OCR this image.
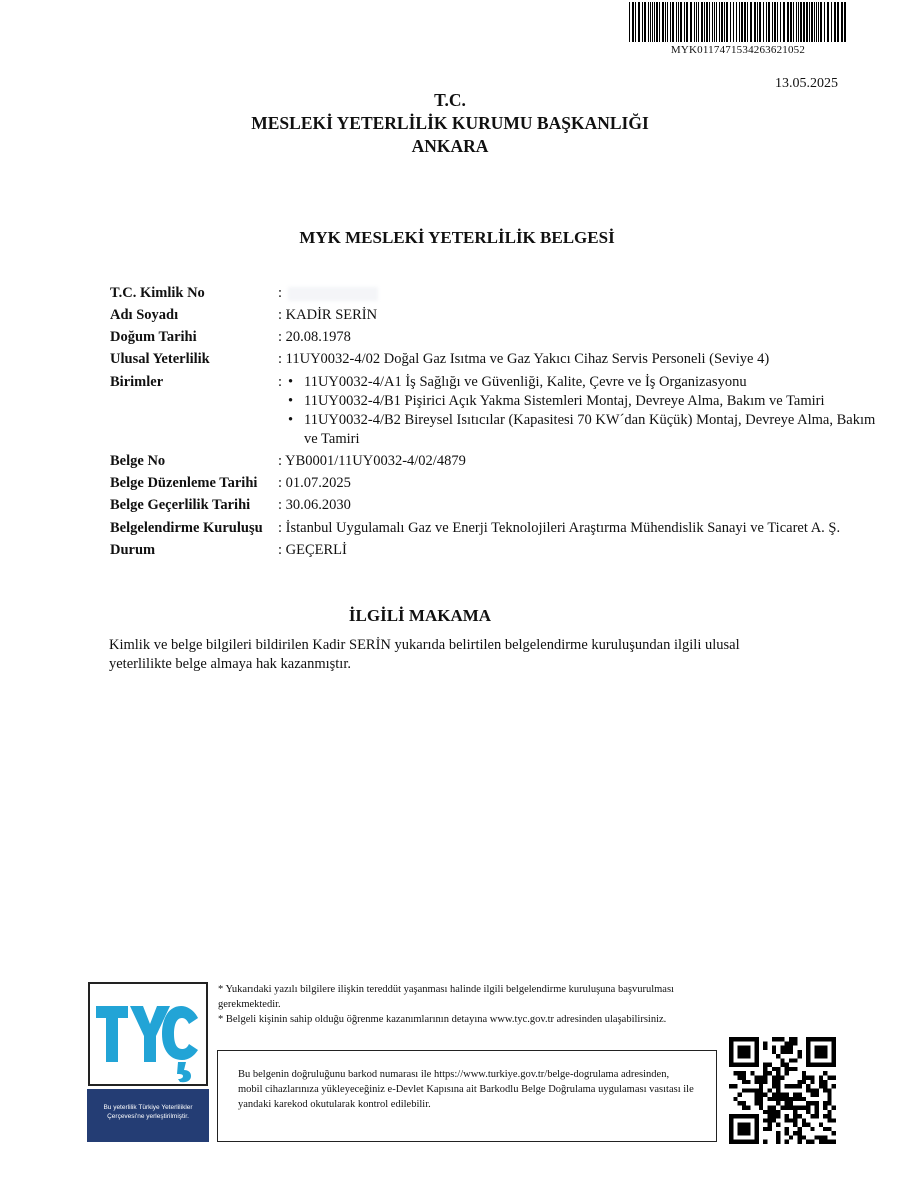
MYK0117471534263621052
13.05.2025
T.C.
MESLEKİ YETERLİLİK KURUMU BAŞKANLIĞI
ANKARA
MYK MESLEKİ YETERLİLİK BELGESİ
T.C. Kimlik No	:
Adı Soyadı	: KADİR SERİN
Doğum Tarihi	: 20.08.1978
Ulusal Yeterlilik	: 11UY0032-4/02 Doğal Gaz Isıtma ve Gaz Yakıcı Cihaz Servis Personeli (Seviye 4)
Birimler	: • 11UY0032-4/A1 İş Sağlığı ve Güvenliği, Kalite, Çevre ve İş Organizasyonu
• 11UY0032-4/B1 Pişirici Açık Yakma Sistemleri Montaj, Devreye Alma, Bakım ve Tamiri
• 11UY0032-4/B2 Bireysel Isıtıcılar (Kapasitesi 70 KW´dan Küçük) Montaj, Devreye Alma, Bakım ve Tamiri
Belge No	: YB0001/11UY0032-4/02/4879
Belge Düzenleme Tarihi	: 01.07.2025
Belge Geçerlilik Tarihi	: 30.06.2030
Belgelendirme Kuruluşu	: İstanbul Uygulamalı Gaz ve Enerji Teknolojileri Araştırma Mühendislik Sanayi ve Ticaret A. Ş.
Durum	: GEÇERLİ
İLGİLİ MAKAMA
Kimlik ve belge bilgileri bildirilen Kadir SERİN yukarıda belirtilen belgelendirme kuruluşundan ilgili ulusal yeterlilikte belge almaya hak kazanmıştır.
Bu yeterlilik Türkiye Yeterlilikler Çerçevesi'ne yerleştirilmiştir.
* Yukarıdaki yazılı bilgilere ilişkin tereddüt yaşanması halinde ilgili belgelendirme kuruluşuna başvurulması gerekmektedir.
* Belgeli kişinin sahip olduğu öğrenme kazanımlarının detayına www.tyc.gov.tr adresinden ulaşabilirsiniz.
Bu belgenin doğruluğunu barkod numarası ile https://www.turkiye.gov.tr/belge-dogrulama adresinden, mobil cihazlarınıza yükleyeceğiniz e-Devlet Kapısına ait Barkodlu Belge Doğrulama uygulaması vasıtası ile yandaki karekod okutularak kontrol edilebilir.
